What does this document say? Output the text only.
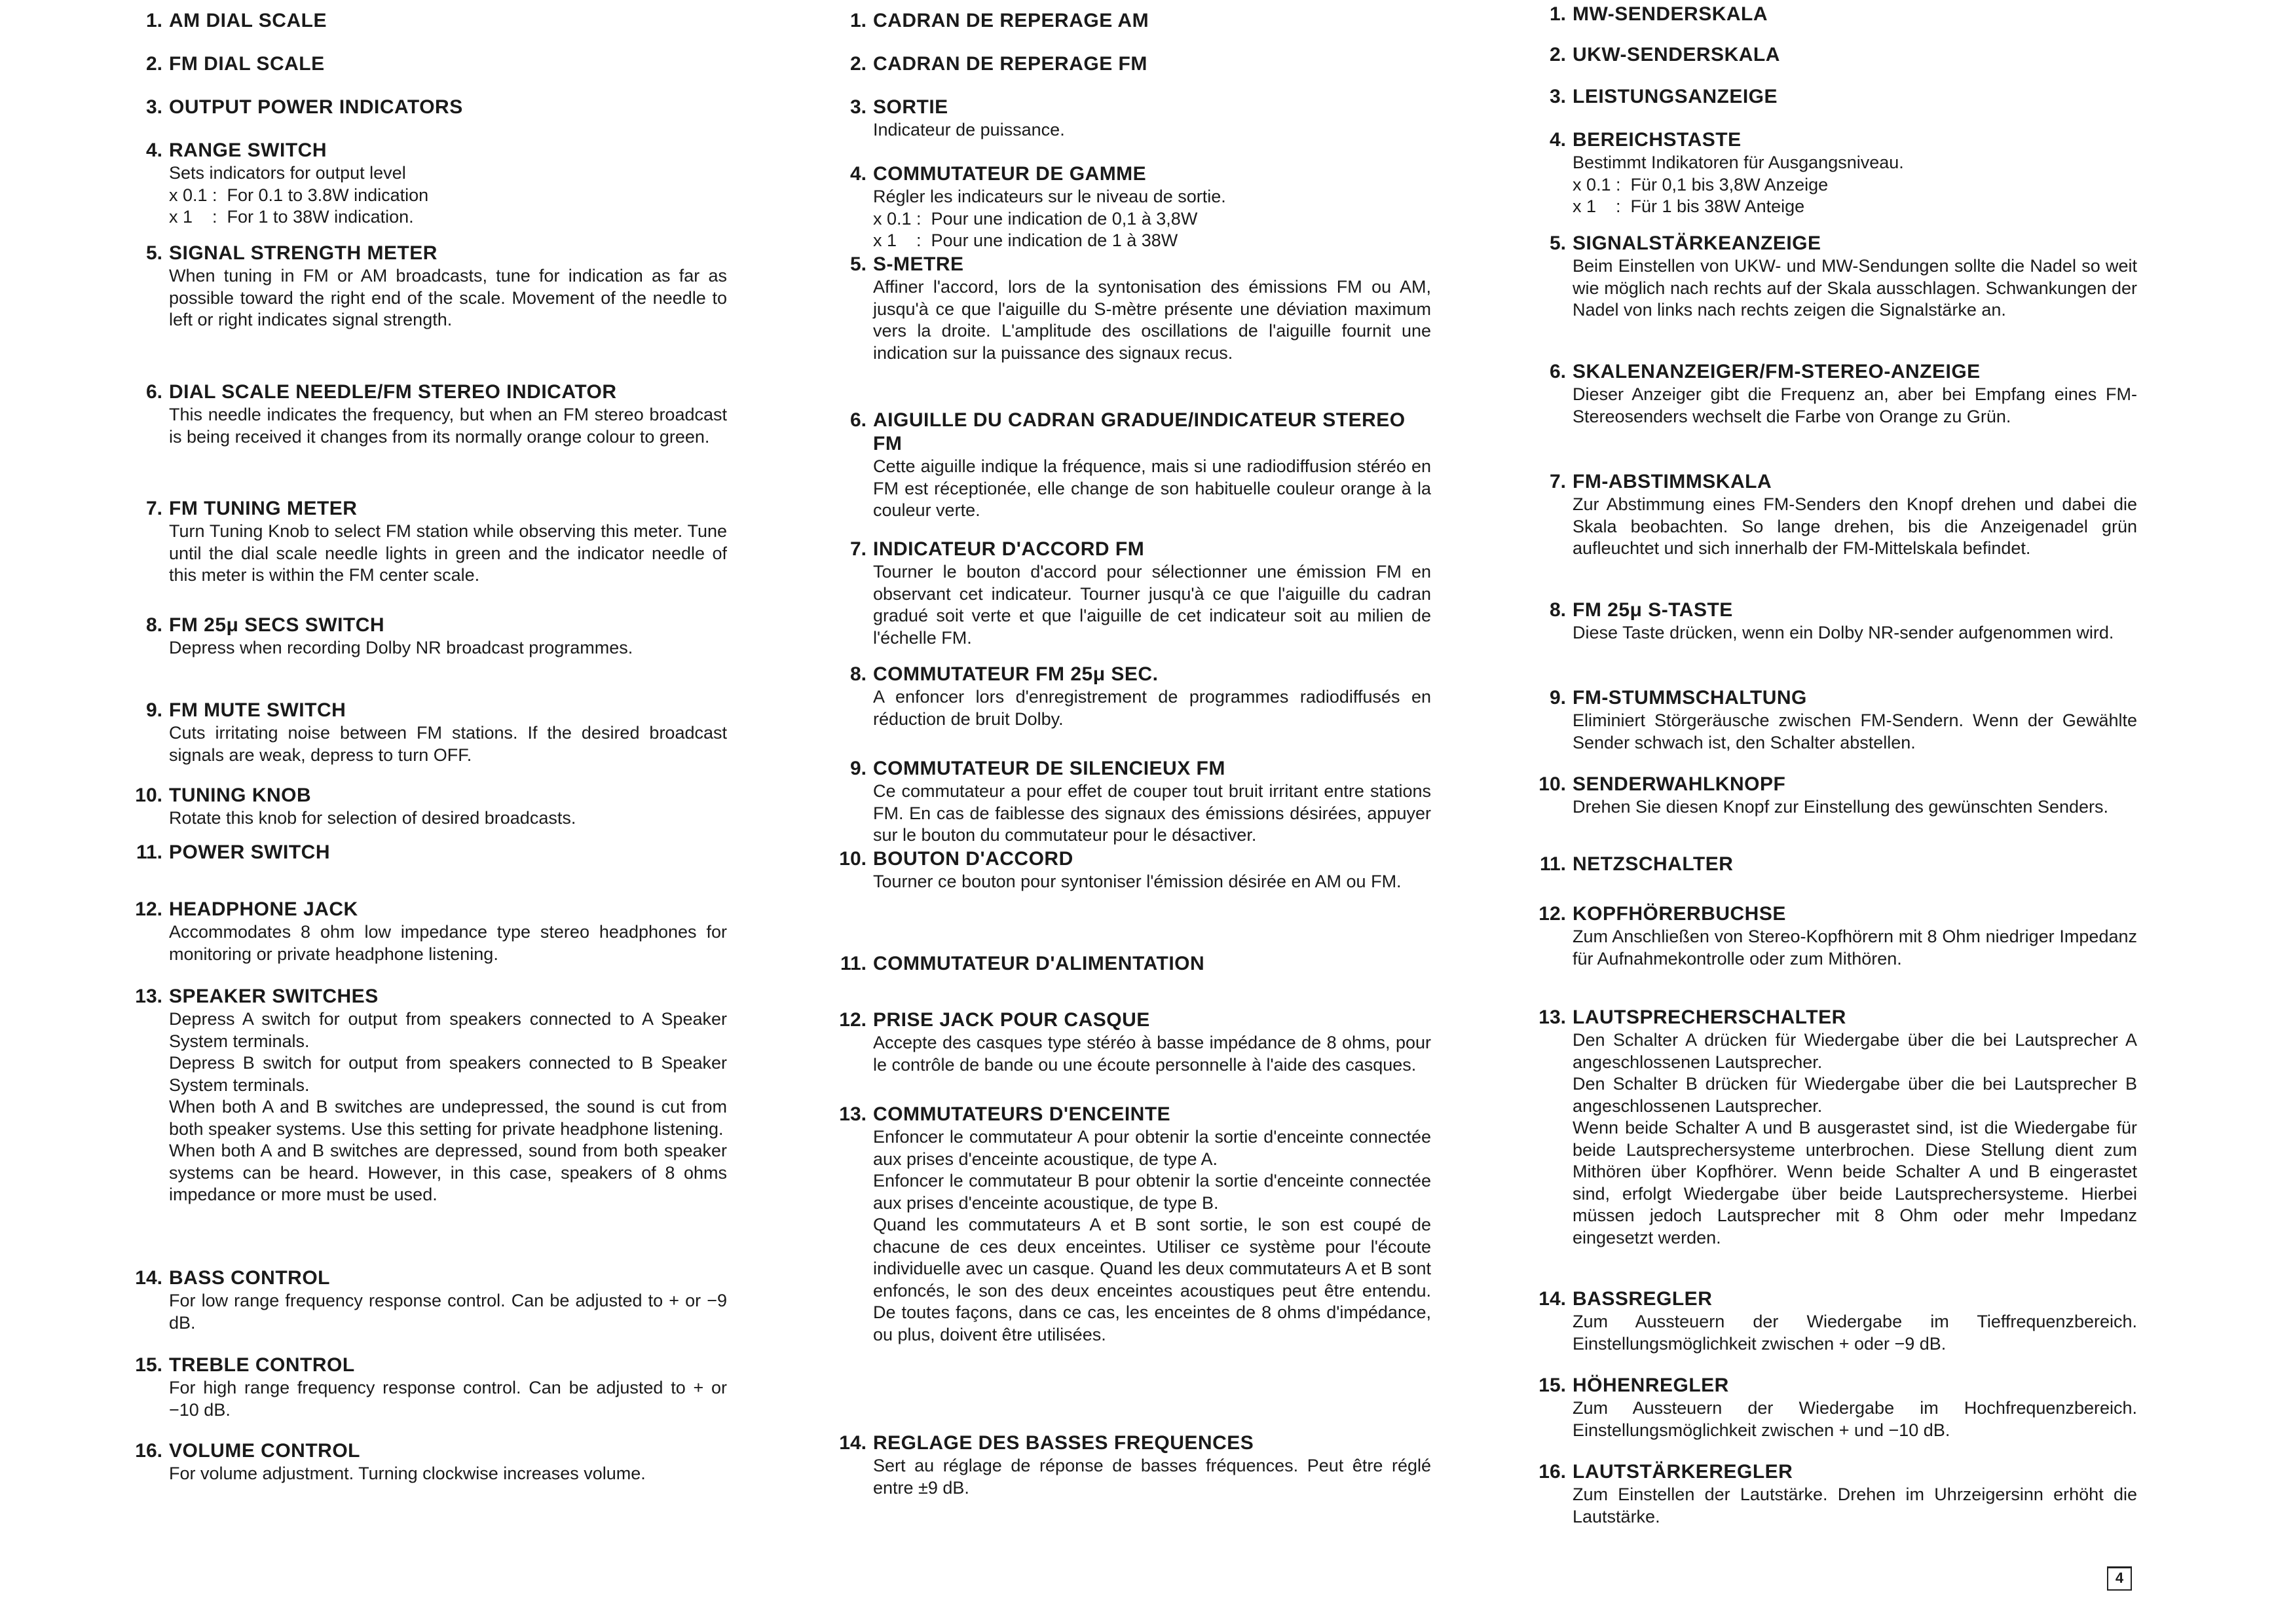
1. AM DIAL SCALE
2. FM DIAL SCALE
3. OUTPUT POWER INDICATORS
4. RANGE SWITCH

Sets indicators for output level

x 0.1 :  For 0.1 to 3.8W indication

x 1    :  For 1 to 38W indication.

5. SIGNAL STRENGTH METER

When tuning in FM or AM broadcasts, tune for indication as far as possible toward the right end of the scale. Movement of the needle to left or right indicates signal strength.

6. DIAL SCALE NEEDLE/FM STEREO INDICATOR

This needle indicates the frequency, but when an FM stereo broadcast is being received it changes from its normally orange colour to green.

7. FM TUNING METER

Turn Tuning Knob to select FM station while observing this meter. Tune until the dial scale needle lights in green and the indicator needle of this meter is within the FM center scale.

8. FM 25μ SECS SWITCH

Depress when recording Dolby NR broadcast programmes.

9. FM MUTE SWITCH

Cuts irritating noise between FM stations. If the desired broadcast signals are weak, depress to turn OFF.

10. TUNING KNOB

Rotate this knob for selection of desired broadcasts.

11. POWER SWITCH
12. HEADPHONE JACK

Accommodates 8 ohm low impedance type stereo headphones for monitoring or private headphone listening.

13. SPEAKER SWITCHES

Depress A switch for output from speakers connected to A Speaker System terminals.

Depress B switch for output from speakers connected to B Speaker System terminals.

When both A and B switches are undepressed, the sound is cut from both speaker systems. Use this setting for private headphone listening.

When both A and B switches are depressed, sound from both speaker systems can be heard. However, in this case, speakers of 8 ohms impedance or more must be used.

14. BASS CONTROL

For low range frequency response control. Can be adjusted to + or −9 dB.

15. TREBLE CONTROL

For high range frequency response control. Can be adjusted to + or −10 dB.

16. VOLUME CONTROL

For volume adjustment. Turning clockwise increases volume.

1. CADRAN DE REPERAGE AM
2. CADRAN DE REPERAGE FM
3. SORTIE

Indicateur de puissance.

4. COMMUTATEUR DE GAMME

Régler les indicateurs sur le niveau de sortie.

x 0.1 :  Pour une indication de 0,1 à 3,8W

x 1    :  Pour une indication de 1 à 38W

5. S-METRE

Affiner l'accord, lors de la syntonisation des émissions FM ou AM, jusqu'à ce que l'aiguille du S-mètre présente une déviation maximum vers la droite. L'amplitude des oscillations de l'aiguille fournit une indication sur la puissance des signaux recus.

6. AIGUILLE DU CADRAN GRADUE/INDICATEUR STEREO FM

Cette aiguille indique la fréquence, mais si une radiodiffusion stéréo en FM est réceptionée, elle change de son habituelle couleur orange à la couleur verte.

7. INDICATEUR D'ACCORD FM

Tourner le bouton d'accord pour sélectionner une émission FM en observant cet indicateur. Tourner jusqu'à ce que l'aiguille du cadran gradué soit verte et que l'aiguille de cet indicateur soit au milien de l'échelle FM.

8. COMMUTATEUR FM 25μ SEC.

A enfoncer lors d'enregistrement de programmes radiodiffusés en réduction de bruit Dolby.

9. COMMUTATEUR DE SILENCIEUX FM

Ce commutateur a pour effet de couper tout bruit irritant entre stations FM. En cas de faiblesse des signaux des émissions désirées, appuyer sur le bouton du commutateur pour le désactiver.

10. BOUTON D'ACCORD

Tourner ce bouton pour syntoniser l'émission désirée en AM ou FM.

11. COMMUTATEUR D'ALIMENTATION
12. PRISE JACK POUR CASQUE

Accepte des casques type stéréo à basse impédance de 8 ohms, pour le contrôle de bande ou une écoute personnelle à l'aide des casques.

13. COMMUTATEURS D'ENCEINTE

Enfoncer le commutateur A pour obtenir la sortie d'enceinte connectée aux prises d'enceinte acoustique, de type A.

Enfoncer le commutateur B pour obtenir la sortie d'enceinte connectée aux prises d'enceinte acoustique, de type B.

Quand les commutateurs A et B sont sortie, le son est coupé de chacune de ces deux enceintes. Utiliser ce système pour l'écoute individuelle avec un casque. Quand les deux commutateurs A et B sont enfoncés, le son des deux enceintes acoustiques peut être entendu. De toutes façons, dans ce cas, les enceintes de 8 ohms d'impédance, ou plus, doivent être utilisées.

14. REGLAGE DES BASSES FREQUENCES

Sert au réglage de réponse de basses fréquences. Peut être réglé entre ±9 dB.

1. MW-SENDERSKALA
2. UKW-SENDERSKALA
3. LEISTUNGSANZEIGE
4. BEREICHSTASTE

Bestimmt Indikatoren für Ausgangsniveau.

x 0.1 :  Für 0,1 bis 3,8W Anzeige

x 1    :  Für 1 bis 38W Anteige

5. SIGNALSTÄRKEANZEIGE

Beim Einstellen von UKW- und MW-Sendungen sollte die Nadel so weit wie möglich nach rechts auf der Skala ausschlagen. Schwankungen der Nadel von links nach rechts zeigen die Signalstärke an.

6. SKALENANZEIGER/FM-STEREO-ANZEIGE

Dieser Anzeiger gibt die Frequenz an, aber bei Empfang eines FM-Stereosenders wechselt die Farbe von Orange zu Grün.

7. FM-ABSTIMMSKALA

Zur Abstimmung eines FM-Senders den Knopf drehen und dabei die Skala beobachten. So lange drehen, bis die Anzeigenadel grün aufleuchtet und sich innerhalb der FM-Mittelskala befindet.

8. FM 25μ S-TASTE

Diese Taste drücken, wenn ein Dolby NR-sender aufgenommen wird.

9. FM-STUMMSCHALTUNG

Eliminiert Störgeräusche zwischen FM-Sendern. Wenn der Gewählte Sender schwach ist, den Schalter abstellen.

10. SENDERWAHLKNOPF

Drehen Sie diesen Knopf zur Einstellung des gewünschten Senders.

11. NETZSCHALTER
12. KOPFHÖRERBUCHSE

Zum Anschließen von Stereo-Kopfhörern mit 8 Ohm niedriger Impedanz für Aufnahmekontrolle oder zum Mithören.

13. LAUTSPRECHERSCHALTER

Den Schalter A drücken für Wiedergabe über die bei Lautsprecher A angeschlossenen Lautsprecher.

Den Schalter B drücken für Wiedergabe über die bei Lautsprecher B angeschlossenen Lautsprecher.

Wenn beide Schalter A und B ausgerastet sind, ist die Wiedergabe für beide Lautsprechersysteme unterbrochen. Diese Stellung dient zum Mithören über Kopfhörer. Wenn beide Schalter A und B eingerastet sind, erfolgt Wiedergabe über beide Lautsprechersysteme. Hierbei müssen jedoch Lautsprecher mit 8 Ohm oder mehr Impedanz eingesetzt werden.

14. BASSREGLER

Zum Aussteuern der Wiedergabe im Tieffrequenzbereich. Einstellungsmöglichkeit zwischen + oder −9 dB.

15. HÖHENREGLER

Zum Aussteuern der Wiedergabe im Hochfrequenzbereich. Einstellungsmöglichkeit zwischen + und −10 dB.

16. LAUTSTÄRKEREGLER

Zum Einstellen der Lautstärke. Drehen im Uhrzeigersinn erhöht die Lautstärke.

4
